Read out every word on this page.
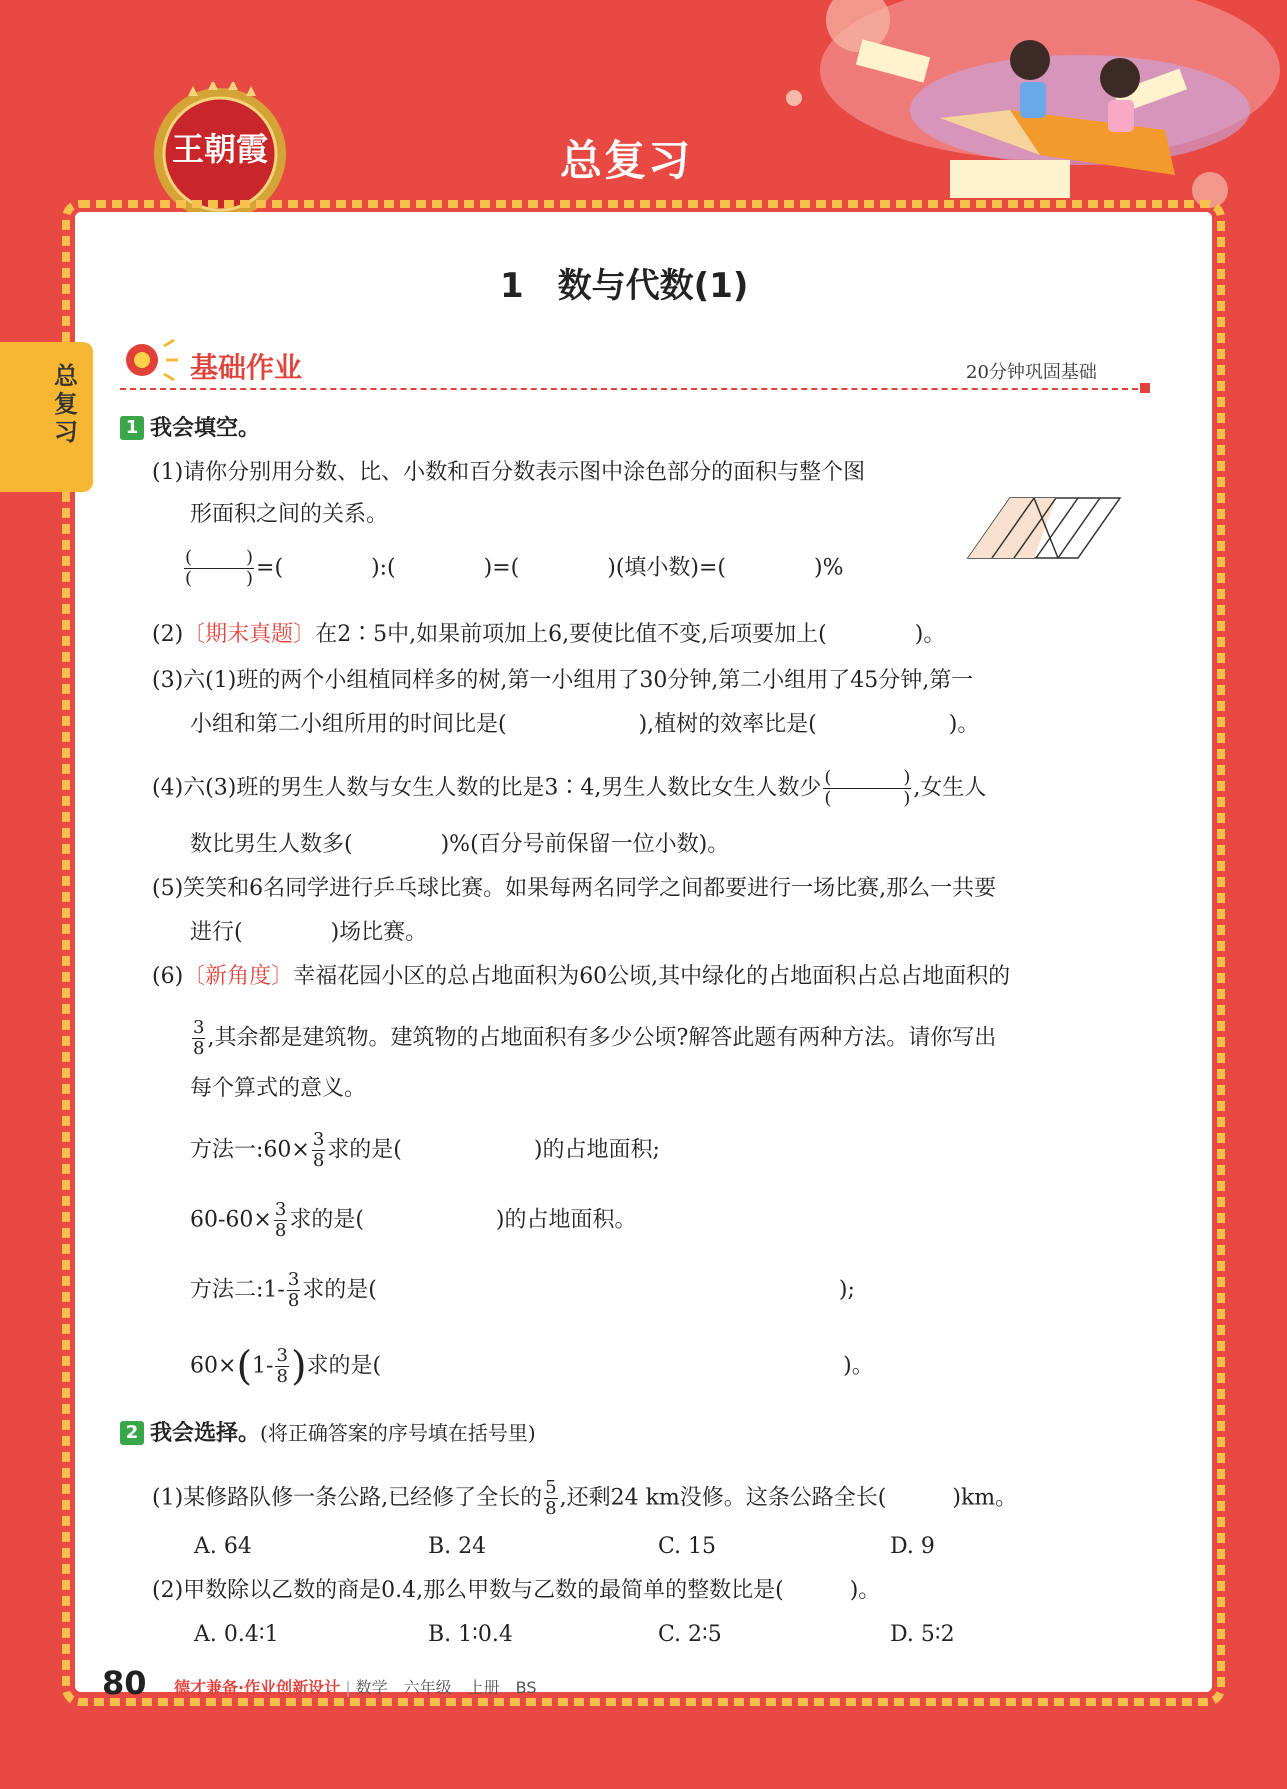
王朝霞	总复习
总复习
1　数与代数(1)
基础作业	20分钟巩固基础
1 我会填空。
(1)请你分别用分数、比、小数和百分数表示图中涂色部分的面积与整个图
形面积之间的关系。
$\frac{( )}{( )}$ =(　　　　):(　　　　)=(　　　　)(填小数)=(　　　　)%
(2)〔期末真题〕在2∶5中,如果前项加上6,要使比值不变,后项要加上(　　　　)。
(3)六(1)班的两个小组植同样多的树,第一小组用了30分钟,第二小组用了45分钟,第一
小组和第二小组所用的时间比是(　　　　　　),植树的效率比是(　　　　　　)。
(4)六(3)班的男生人数与女生人数的比是3∶4,男生人数比女生人数少 $\frac{( )}{( )}$ ,女生人
数比男生人数多(　　　　)%(百分号前保留一位小数)。
(5)笑笑和6名同学进行乒乓球比赛。如果每两名同学之间都要进行一场比赛,那么一共要
进行(　　　　)场比赛。
(6)〔新角度〕幸福花园小区的总占地面积为60公顷,其中绿化的占地面积占总占地面积的
$\frac{3}{8}$ ,其余都是建筑物。建筑物的占地面积有多少公顷?解答此题有两种方法。请你写出
每个算式的意义。
方法一:60× $\frac{3}{8}$ 求的是(　　　　　　)的占地面积;
$60-60\times \frac{3}{8}$ 求的是(　　　　　　)的占地面积。
方法二:1- $\frac{3}{8}$ 求的是(　　　　　　　　　　　　　　　　　　　　　);
$60\times(1- \frac{3}{8}$ )求的是(　　　　　　　　　　　　　　　　　　　　　)。
2 我会选择。(将正确答案的序号填在括号里)
(1)某修路队修一条公路,已经修了全长的 $\frac{5}{8}$ ,还剩24 km没修。这条公路全长(　　　)km。
A. 64	B. 24	C. 15	D. 9
(2)甲数除以乙数的商是0.4,那么甲数与乙数的最简单的整数比是(　　　)。
A. 0.4∶1	B. 1∶0.4	C. 2∶5	D. 5∶2
80 德才兼备·作业创新设计 | 数学　六年级　上册　BS
